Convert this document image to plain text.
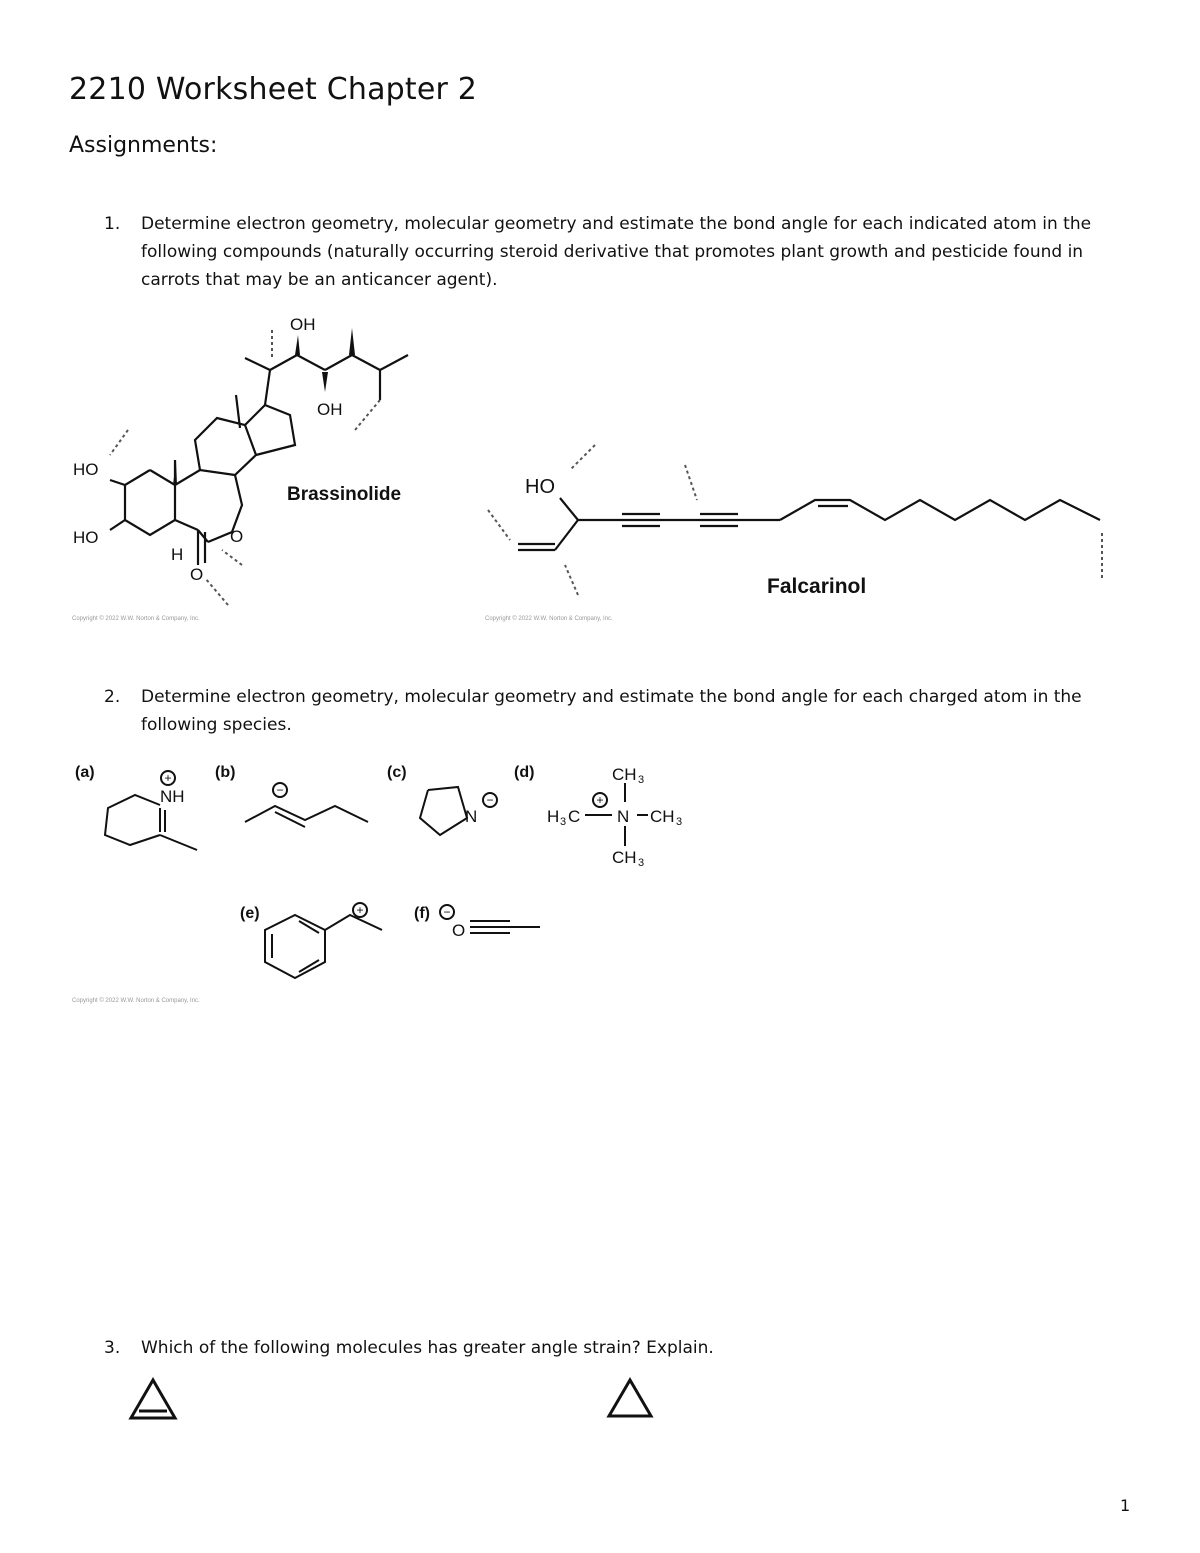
2210 Worksheet Chapter 2
Assignments:
1. Determine electron geometry, molecular geometry and estimate the bond angle for each indicated atom in the following compounds (naturally occurring steroid derivative that promotes plant growth and pesticide found in carrots that may be an anticancer agent).
2. Determine electron geometry, molecular geometry and estimate the bond angle for each charged atom in the following species.
3. Which of the following molecules has greater angle strain? Explain.
1
OH
OH
HO
HO
H
O
O
Brassinolide
Copyright © 2022 W.W. Norton & Company, Inc.
HO
Falcarinol
Copyright © 2022 W.W. Norton & Company, Inc.
(a)	(b)	(c)	(d)
(e)	(f)
NH
N
CH 3
N
H 3 C	CH 3
CH 3
O
+
−
−	+
+	−
Copyright © 2022 W.W. Norton & Company, Inc.
